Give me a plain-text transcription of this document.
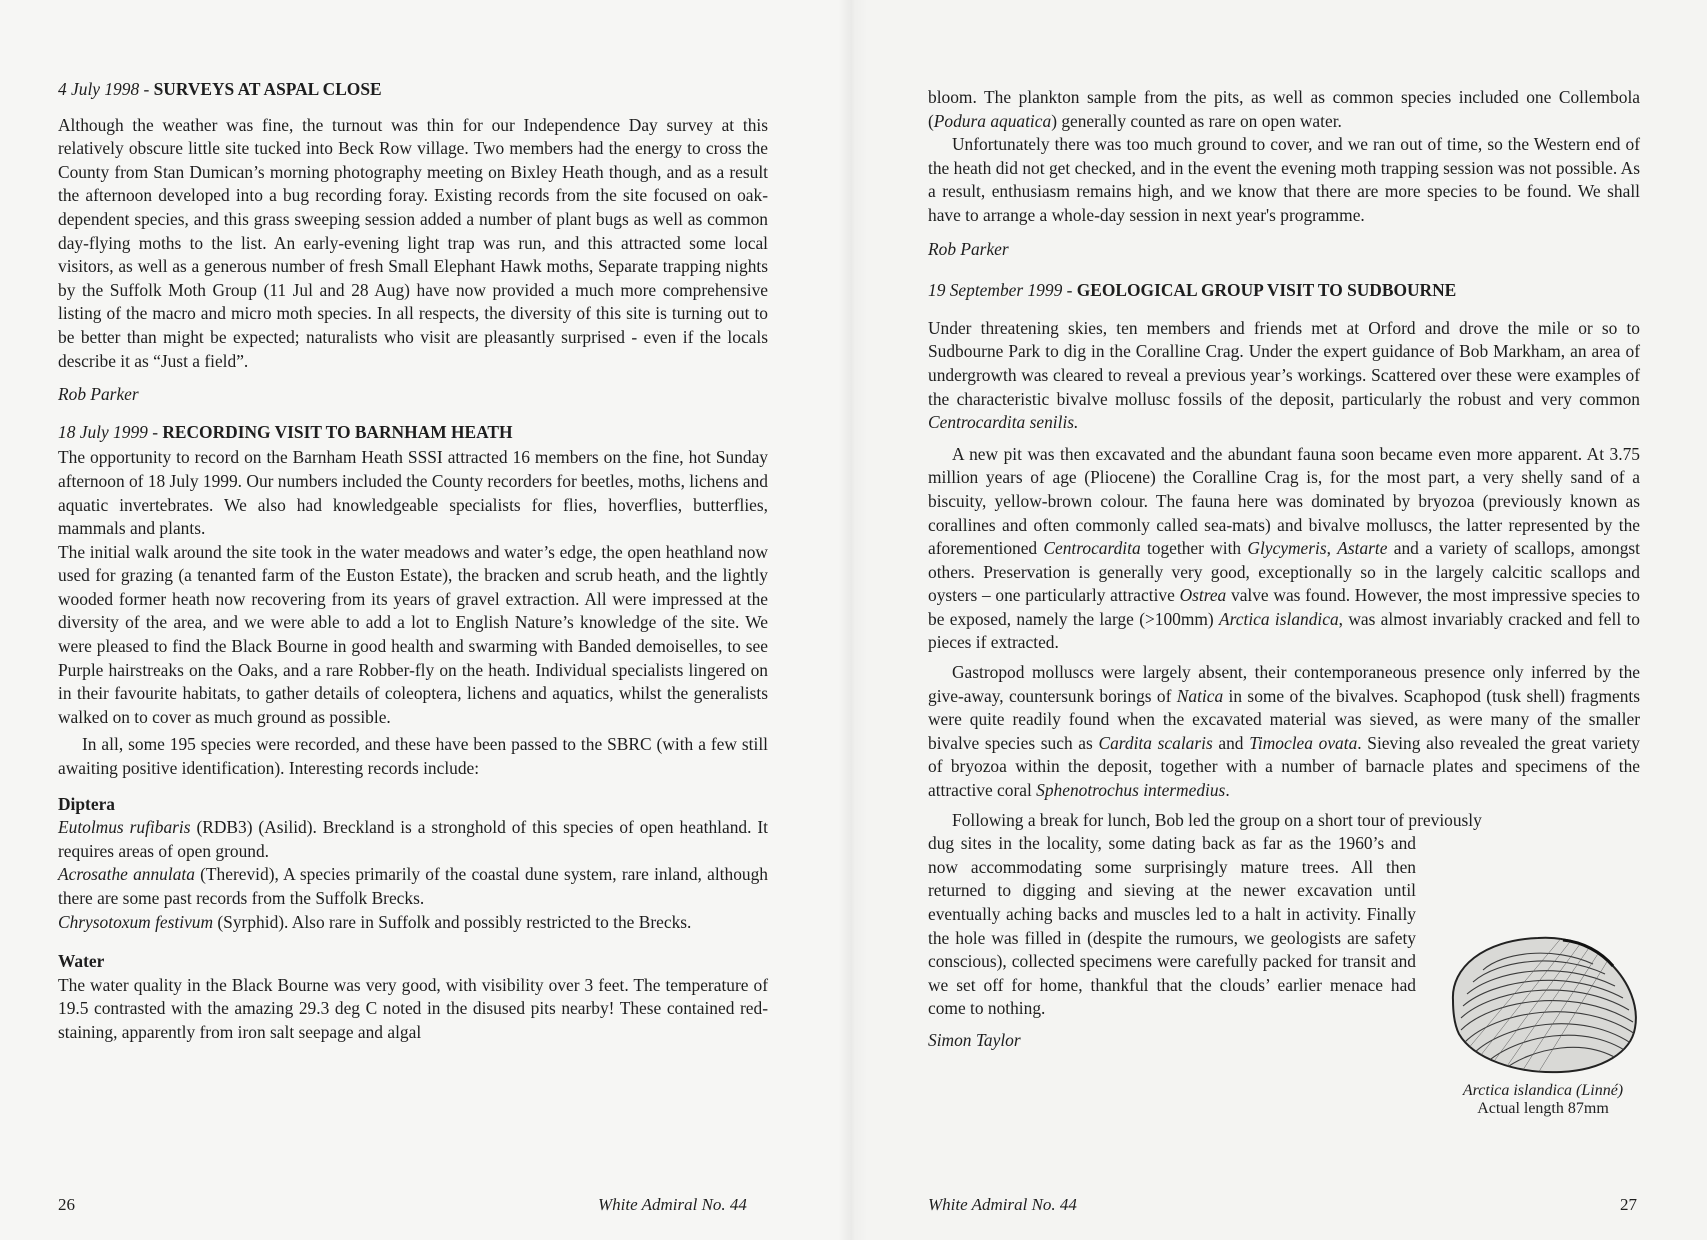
4 July 1998 - SURVEYS AT ASPAL CLOSE

Although the weather was fine, the turnout was thin for our Independence Day survey at this relatively obscure little site tucked into Beck Row village. Two members had the energy to cross the County from Stan Dumican’s morning photography meeting on Bixley Heath though, and as a result the afternoon developed into a bug recording foray. Existing records from the site focused on oak-dependent species, and this grass sweeping session added a number of plant bugs as well as common day-flying moths to the list. An early-evening light trap was run, and this attracted some local visitors, as well as a generous number of fresh Small Elephant Hawk moths, Separate trapping nights by the Suffolk Moth Group (11 Jul and 28 Aug) have now provided a much more comprehensive listing of the macro and micro moth species. In all respects, the diversity of this site is turning out to be better than might be expected; naturalists who visit are pleasantly surprised - even if the locals describe it as “Just a field”.

Rob Parker

18 July 1999 - RECORDING VISIT TO BARNHAM HEATH

The opportunity to record on the Barnham Heath SSSI attracted 16 members on the fine, hot Sunday afternoon of 18 July 1999. Our numbers included the County recorders for beetles, moths, lichens and aquatic invertebrates. We also had knowledgeable specialists for flies, hoverflies, butterflies, mammals and plants.

The initial walk around the site took in the water meadows and water’s edge, the open heathland now used for grazing (a tenanted farm of the Euston Estate), the bracken and scrub heath, and the lightly wooded former heath now recovering from its years of gravel extraction. All were impressed at the diversity of the area, and we were able to add a lot to English Nature’s knowledge of the site. We were pleased to find the Black Bourne in good health and swarming with Banded demoiselles, to see Purple hairstreaks on the Oaks, and a rare Robber-fly on the heath. Individual specialists lingered on in their favourite habitats, to gather details of coleoptera, lichens and aquatics, whilst the generalists walked on to cover as much ground as possible.

In all, some 195 species were recorded, and these have been passed to the SBRC (with a few still awaiting positive identification). Interesting records include:

Diptera

Eutolmus rufibaris (RDB3) (Asilid). Breckland is a stronghold of this species of open heathland. It requires areas of open ground.

Acrosathe annulata (Therevid), A species primarily of the coastal dune system, rare inland, although there are some past records from the Suffolk Brecks.

Chrysotoxum festivum (Syrphid). Also rare in Suffolk and possibly restricted to the Brecks.

Water

The water quality in the Black Bourne was very good, with visibility over 3 feet. The temperature of 19.5 contrasted with the amazing 29.3 deg C noted in the disused pits nearby! These contained red-staining, apparently from iron salt seepage and algal

26	White Admiral No. 44

bloom. The plankton sample from the pits, as well as common species included one Collembola (Podura aquatica) generally counted as rare on open water.

Unfortunately there was too much ground to cover, and we ran out of time, so the Western end of the heath did not get checked, and in the event the evening moth trapping session was not possible. As a result, enthusiasm remains high, and we know that there are more species to be found. We shall have to arrange a whole-day session in next year's programme.

Rob Parker

19 September 1999 - GEOLOGICAL GROUP VISIT TO SUDBOURNE

Under threatening skies, ten members and friends met at Orford and drove the mile or so to Sudbourne Park to dig in the Coralline Crag. Under the expert guidance of Bob Markham, an area of undergrowth was cleared to reveal a previous year’s workings. Scattered over these were examples of the characteristic bivalve mollusc fossils of the deposit, particularly the robust and very common Centrocardita senilis.

A new pit was then excavated and the abundant fauna soon became even more apparent. At 3.75 million years of age (Pliocene) the Coralline Crag is, for the most part, a very shelly sand of a biscuity, yellow-brown colour. The fauna here was dominated by bryozoa (previously known as corallines and often commonly called sea-mats) and bivalve molluscs, the latter represented by the aforementioned Centrocardita together with Glycymeris, Astarte and a variety of scallops, amongst others. Preservation is generally very good, exceptionally so in the largely calcitic scallops and oysters – one particularly attractive Ostrea valve was found. However, the most impressive species to be exposed, namely the large (>100mm) Arctica islandica, was almost invariably cracked and fell to pieces if extracted.

Gastropod molluscs were largely absent, their contemporaneous presence only inferred by the give-away, countersunk borings of Natica in some of the bivalves. Scaphopod (tusk shell) fragments were quite readily found when the excavated material was sieved, as were many of the smaller bivalve species such as Cardita scalaris and Timoclea ovata. Sieving also revealed the great variety of bryozoa within the deposit, together with a number of barnacle plates and specimens of the attractive coral Sphenotrochus intermedius.

Following a break for lunch, Bob led the group on a short tour of previously

dug sites in the locality, some dating back as far as the 1960’s and now accommodating some surprisingly mature trees. All then returned to digging and sieving at the newer excavation until eventually aching backs and muscles led to a halt in activity. Finally the hole was filled in (despite the rumours, we geologists are safety conscious), collected specimens were carefully packed for transit and we set off for home, thankful that the clouds’ earlier menace had come to nothing.

Simon Taylor

Arctica islandica (Linné)
Actual length 87mm
White Admiral No. 44	27
